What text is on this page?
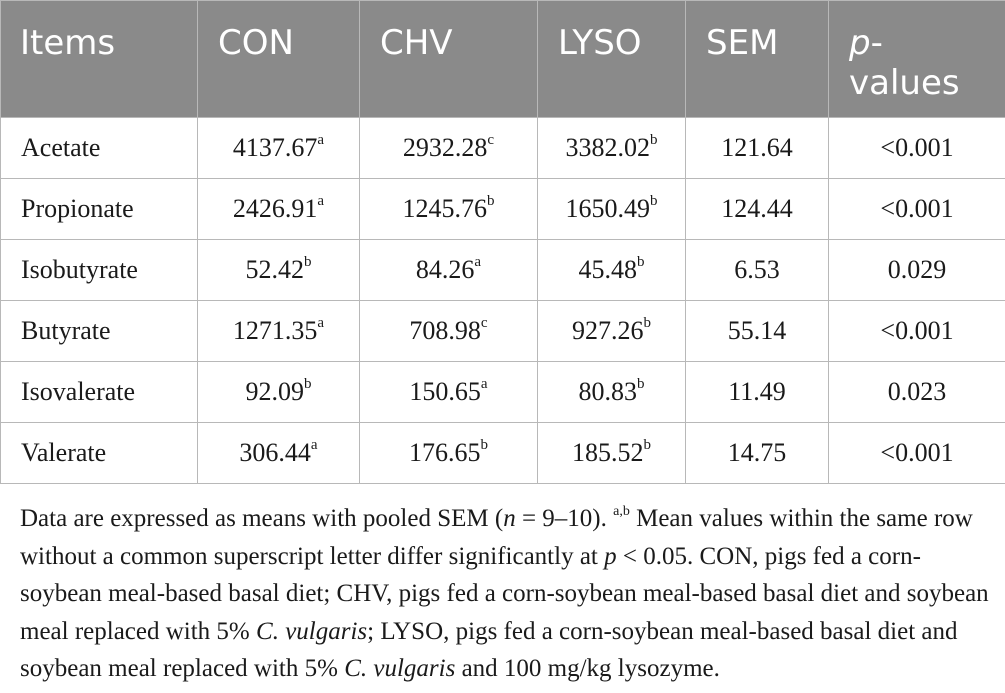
Items	CON	CHV	LYSO	SEM	p-
values
Acetate	4137.67$^a$	2932.28$^c$	3382.02$^b$	121.64	<0.001
Propionate	2426.91$^a$	1245.76$^b$	1650.49$^b$	124.44	<0.001
Isobutyrate	52.42$^b$	84.26$^a$	45.48$^b$	6.53	0.029
Butyrate	1271.35$^a$	708.98$^c$	927.26$^b$	55.14	<0.001
Isovalerate	92.09$^b$	150.65$^a$	80.83$^b$	11.49	0.023
Valerate	306.44$^a$	176.65$^b$	185.52$^b$	14.75	<0.001
Data are expressed as means with pooled SEM (n = 9–10). $^{a,b}$ Mean values within the same row without a common superscript letter differ significantly at p < 0.05. CON, pigs fed a corn-soybean meal-based basal diet; CHV, pigs fed a corn-soybean meal-based basal diet and soybean meal replaced with 5% C. vulgaris; LYSO, pigs fed a corn-soybean meal-based basal diet and soybean meal replaced with 5% C. vulgaris and 100 mg/kg lysozyme.
